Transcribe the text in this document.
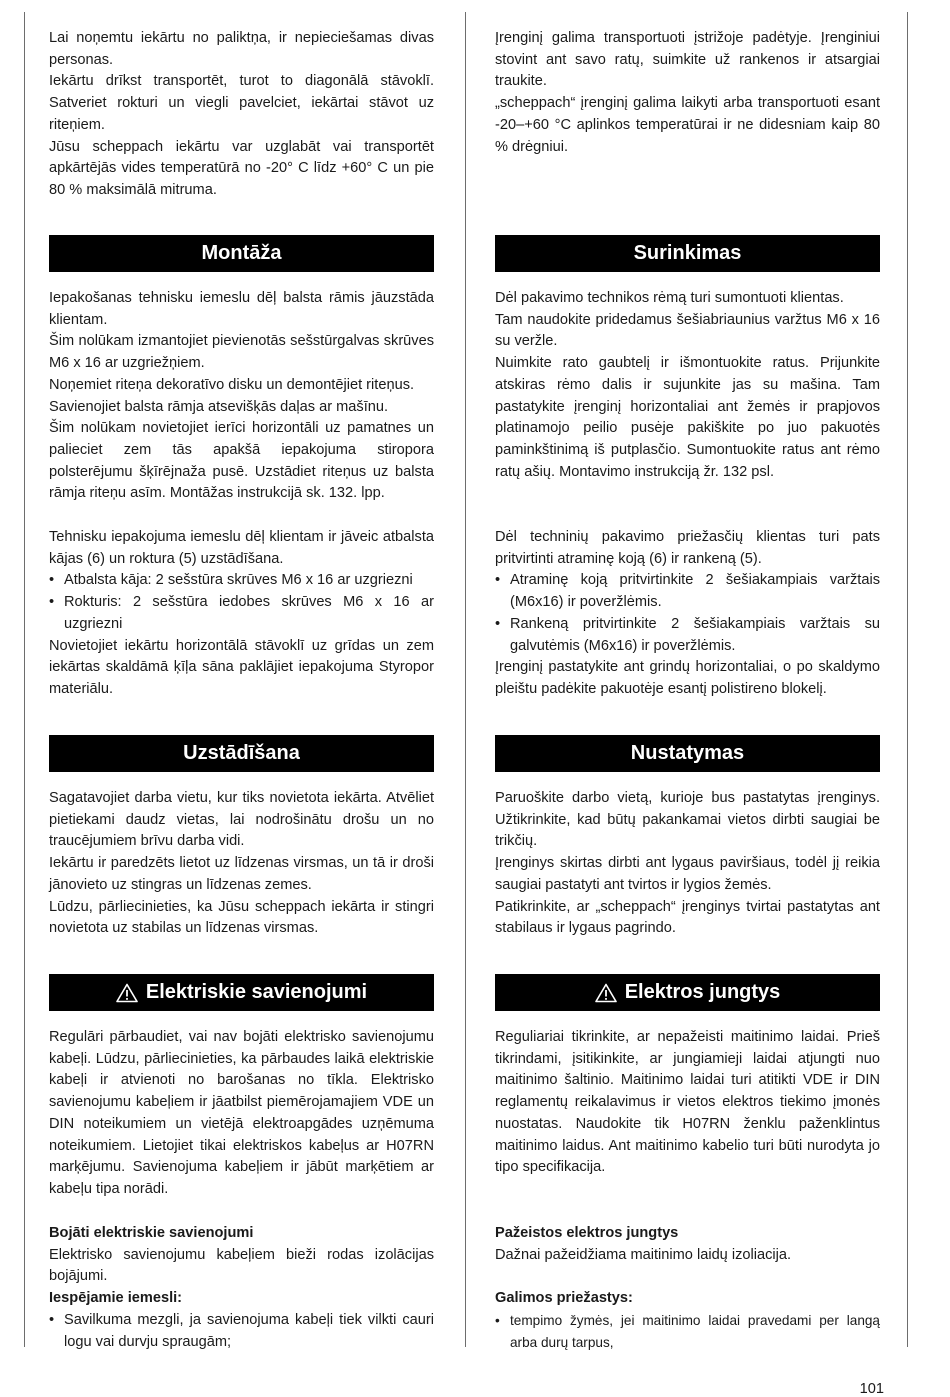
Lai noņemtu iekārtu no paliktņa, ir nepieciešamas divas personas.

Iekārtu drīkst transportēt, turot to diagonālā stāvoklī. Satveriet rokturi un viegli pavelciet, iekārtai stāvot uz riteņiem.

Jūsu scheppach iekārtu var uzglabāt vai transportēt apkārtējās vides temperatūrā no -20° C līdz +60° C un pie 80 % maksimālā mitruma.

Montāža

Iepakošanas tehnisku iemeslu dēļ balsta rāmis jāuzstāda klientam.

Šim nolūkam izmantojiet pievienotās sešstūrgalvas skrūves M6 x 16 ar uzgriežņiem.

Noņemiet riteņa dekoratīvo disku un demontējiet riteņus.

Savienojiet balsta rāmja atsevišķās daļas ar mašīnu.

Šim nolūkam novietojiet ierīci horizontāli uz pamatnes un palieciet zem tās apakšā iepakojuma stiropora polsterējumu šķīrējnaža pusē. Uzstādiet riteņus uz balsta rāmja riteņu asīm. Montāžas instrukcijā sk. 132. lpp.

Tehnisku iepakojuma iemeslu dēļ klientam ir jāveic atbalsta kājas (6) un roktura (5) uzstādīšana.

• Atbalsta kāja: 2 sešstūra skrūves M6 x 16 ar uzgriezni
• Rokturis: 2 sešstūra iedobes skrūves M6 x 16 ar uzgriezni

Novietojiet iekārtu horizontālā stāvoklī uz grīdas un zem iekārtas skaldāmā ķīļa sāna paklājiet iepakojuma Styropor materiālu.

Uzstādīšana

Sagatavojiet darba vietu, kur tiks novietota iekārta. Atvēliet pietiekami daudz vietas, lai nodrošinātu drošu un no traucējumiem brīvu darba vidi.

Iekārtu ir paredzēts lietot uz līdzenas virsmas, un tā ir droši jānovieto uz stingras un līdzenas zemes.

Lūdzu, pārliecinieties, ka Jūsu scheppach iekārta ir stingri novietota uz stabilas un līdzenas virsmas.

Elektriskie savienojumi

Regulāri pārbaudiet, vai nav bojāti elektrisko savienojumu kabeļi. Lūdzu, pārliecinieties, ka pārbaudes laikā elektriskie kabeļi ir atvienoti no barošanas no tīkla. Elektrisko savienojumu kabeļiem ir jāatbilst piemērojamajiem VDE un DIN noteikumiem un vietējā elektroapgādes uzņēmuma noteikumiem. Lietojiet tikai elektriskos kabeļus ar H07RN marķējumu. Savienojuma kabeļiem ir jābūt marķētiem ar kabeļu tipa norādi.

Bojāti elektriskie savienojumi

Elektrisko savienojumu kabeļiem bieži rodas izolācijas bojājumi.

Iespējamie iemesli:

• Savilkuma mezgli, ja savienojuma kabeļi tiek vilkti cauri logu vai durvju spraugām;

Įrenginį galima transportuoti įstrižoje padėtyje. Įrenginiui stovint ant savo ratų, suimkite už rankenos ir atsargiai traukite.

„scheppach“ įrenginį galima laikyti arba transportuoti esant -20–+60 °C aplinkos temperatūrai ir ne didesniam kaip 80 % drėgniui.

Surinkimas

Dėl pakavimo technikos rėmą turi sumontuoti klientas.

Tam naudokite pridedamus šešiabriaunius varžtus M6 x 16 su veržle.

Nuimkite rato gaubtelį ir išmontuokite ratus. Prijunkite atskiras rėmo dalis ir sujunkite jas su mašina. Tam pastatykite įrenginį horizontaliai ant žemės ir prapjovos platinamojo peilio pusėje pakiškite po juo pakuotės paminkštinimą iš putplasčio. Sumontuokite ratus ant rėmo ratų ašių. Montavimo instrukciją žr. 132 psl.

Dėl techninių pakavimo priežasčių klientas turi pats pritvirtinti atraminę koją (6) ir rankeną (5).

• Atraminę koją pritvirtinkite 2 šešiakampiais varžtais (M6x16) ir poveržlėmis.
• Rankeną pritvirtinkite 2 šešiakampiais varžtais su galvutėmis (M6x16) ir poveržlėmis.

Įrenginį pastatykite ant grindų horizontaliai, o po skaldymo pleištu padėkite pakuotėje esantį polistireno blokelį.

Nustatymas

Paruoškite darbo vietą, kurioje bus pastatytas įrenginys. Užtikrinkite, kad būtų pakankamai vietos dirbti saugiai be trikčių.

Įrenginys skirtas dirbti ant lygaus paviršiaus, todėl jį reikia saugiai pastatyti ant tvirtos ir lygios žemės.

Patikrinkite, ar „scheppach“ įrenginys tvirtai pastatytas ant stabilaus ir lygaus pagrindo.

Elektros jungtys

Reguliariai tikrinkite, ar nepažeisti maitinimo laidai. Prieš tikrindami, įsitikinkite, ar jungiamieji laidai atjungti nuo maitinimo šaltinio. Maitinimo laidai turi atitikti VDE ir DIN reglamentų reikalavimus ir vietos elektros tiekimo įmonės nuostatas. Naudokite tik H07RN ženklu paženklintus maitinimo laidus. Ant maitinimo kabelio turi būti nurodyta jo tipo specifikacija.

Pažeistos elektros jungtys

Dažnai pažeidžiama maitinimo laidų izoliacija.

Galimos priežastys:

• tempimo žymės, jei maitinimo laidai pravedami per langą arba durų tarpus,
101
